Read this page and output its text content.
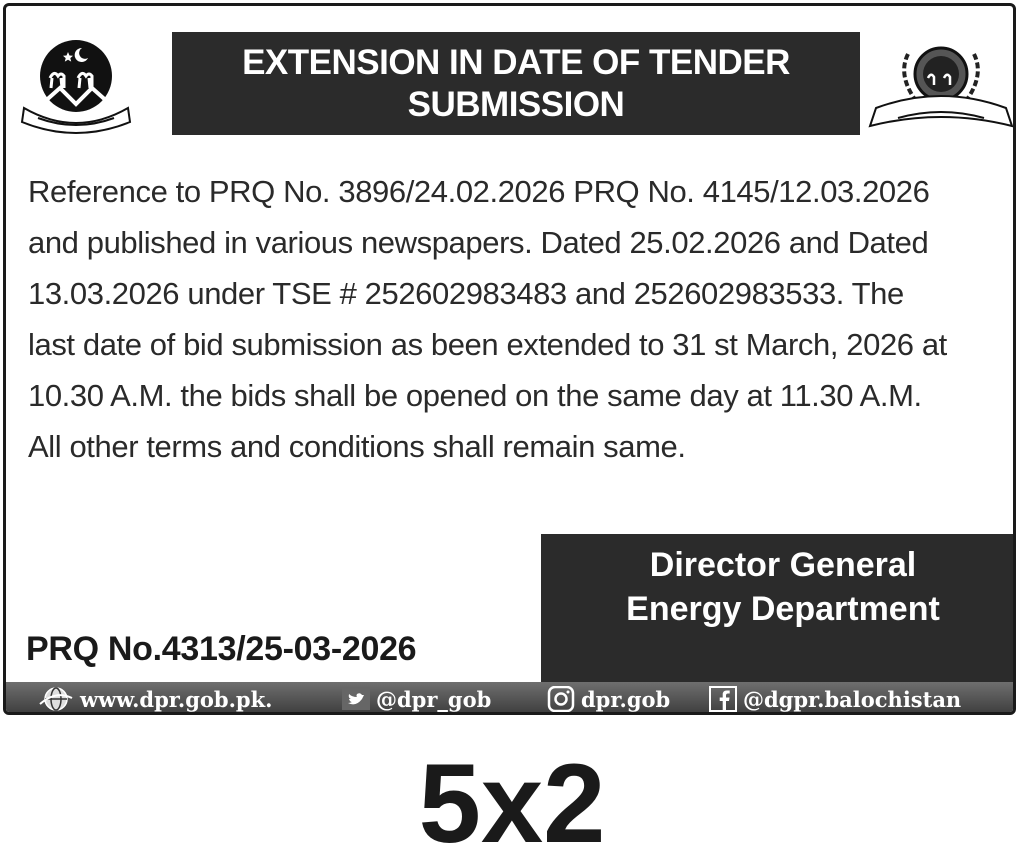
EXTENSION IN DATE OF TENDER
SUBMISSION
Reference to PRQ No. 3896/24.02.2026 PRQ No. 4145/12.03.2026
and published in various newspapers. Dated 25.02.2026 and Dated
13.03.2026 under TSE # 252602983483 and 252602983533. The
last date of bid submission as been extended to 31 st March, 2026 at
10.30 A.M. the bids shall be opened on the same day at 11.30 A.M.
All other terms and conditions shall remain same.
Director General
Energy Department
PRQ No.4313/25-03-2026
www.dpr.gob.pk.	@dpr_gob	dpr.gob	@dgpr.balochistan
5x2
